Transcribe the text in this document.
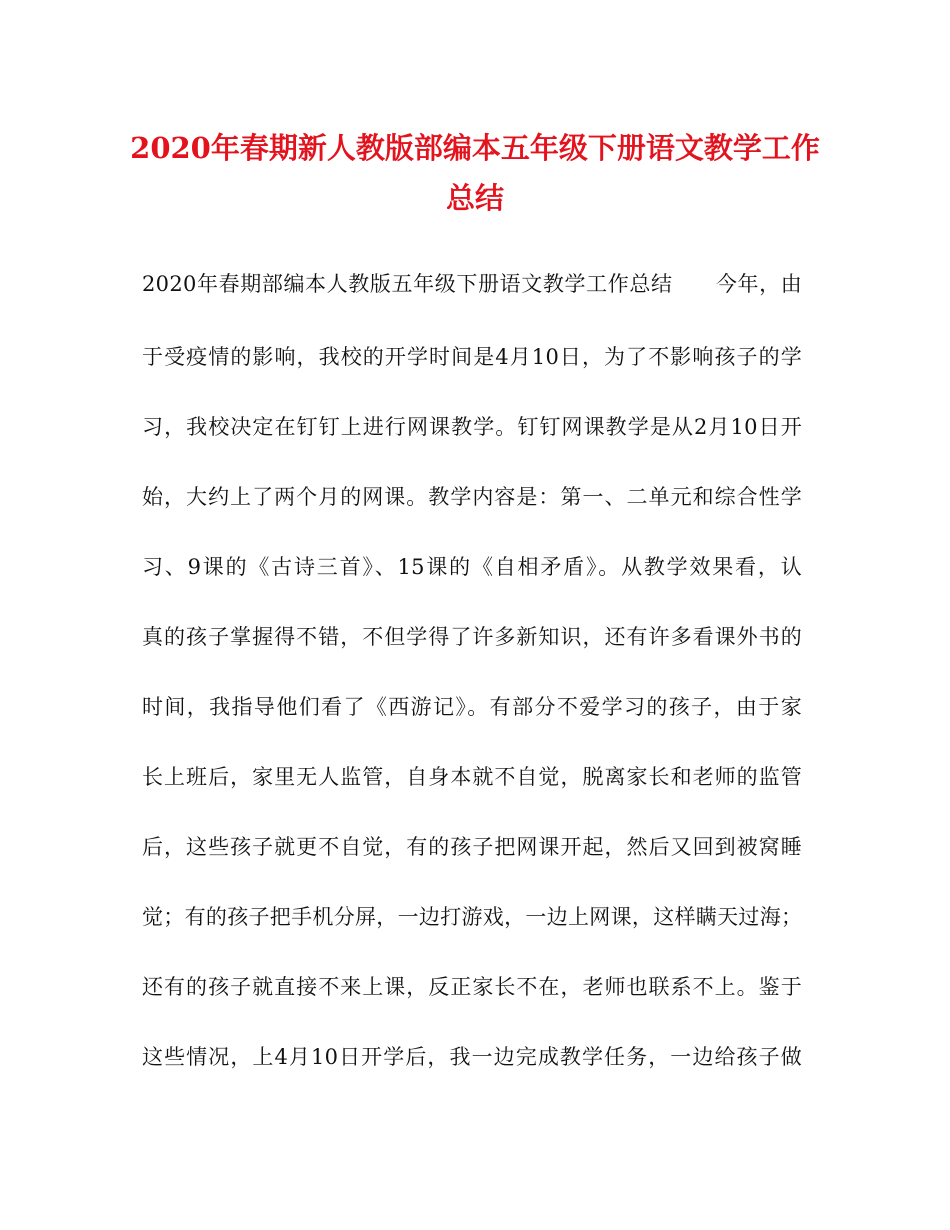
2020年春期新人教版部编本五年级下册语文教学工作
总结
2020年春期部编本人教版五年级下册语文教学工作总结　　今年，由
于受疫情的影响，我校的开学时间是4月10日，为了不影响孩子的学
习，我校决定在钉钉上进行网课教学。钉钉网课教学是从2月10日开
始，大约上了两个月的网课。教学内容是：第一、二单元和综合性学
习、9课的《古诗三首》、15课的《自相矛盾》。从教学效果看，认
真的孩子掌握得不错，不但学得了许多新知识，还有许多看课外书的
时间，我指导他们看了《西游记》。有部分不爱学习的孩子，由于家
长上班后，家里无人监管，自身本就不自觉，脱离家长和老师的监管
后，这些孩子就更不自觉，有的孩子把网课开起，然后又回到被窝睡
觉；有的孩子把手机分屏，一边打游戏，一边上网课，这样瞒天过海；
还有的孩子就直接不来上课，反正家长不在，老师也联系不上。鉴于
这些情况，上4月10日开学后，我一边完成教学任务，一边给孩子做
